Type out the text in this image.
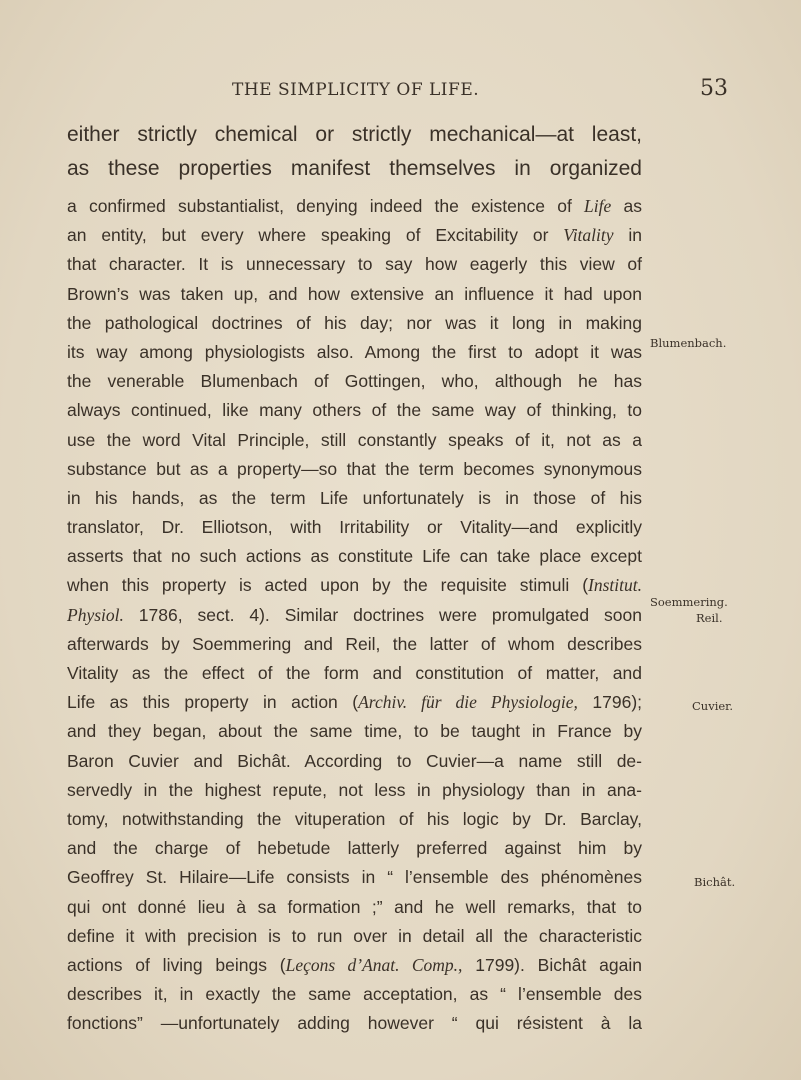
THE SIMPLICITY OF LIFE.	53
either strictly chemical or strictly mechanical—at least,
as these properties manifest themselves in organized
a confirmed substantialist, denying indeed the existence of Life as
an entity, but every where speaking of Excitability or Vitality in
that character. It is unnecessary to say how eagerly this view of
Brown’s was taken up, and how extensive an influence it had upon
the pathological doctrines of his day; nor was it long in making
its way among physiologists also. Among the first to adopt it was
the venerable Blumenbach of Gottingen, who, although he has
always continued, like many others of the same way of thinking, to
use the word Vital Principle, still constantly speaks of it, not as a
substance but as a property—so that the term becomes synonymous
in his hands, as the term Life unfortunately is in those of his
translator, Dr. Elliotson, with Irritability or Vitality—and explicitly
asserts that no such actions as constitute Life can take place except
when this property is acted upon by the requisite stimuli (Institut.
Physiol. 1786, sect. 4). Similar doctrines were promulgated soon
afterwards by Soemmering and Reil, the latter of whom describes
Vitality as the effect of the form and constitution of matter, and
Life as this property in action (Archiv. für die Physiologie, 1796);
and they began, about the same time, to be taught in France by
Baron Cuvier and Bichât. According to Cuvier—a name still de-
servedly in the highest repute, not less in physiology than in ana-
tomy, notwithstanding the vituperation of his logic by Dr. Barclay,
and the charge of hebetude latterly preferred against him by
Geoffrey St. Hilaire—Life consists in “ l’ensemble des phénomènes
qui ont donné lieu à sa formation ;” and he well remarks, that to
define it with precision is to run over in detail all the characteristic
actions of living beings (Leçons d’Anat. Comp., 1799). Bichât again
describes it, in exactly the same acceptation, as “ l’ensemble des
fonctions” —unfortunately adding however “ qui résistent à la
Blumenbach.
Soemmering.
Reil.
Cuvier.
Bichât.
